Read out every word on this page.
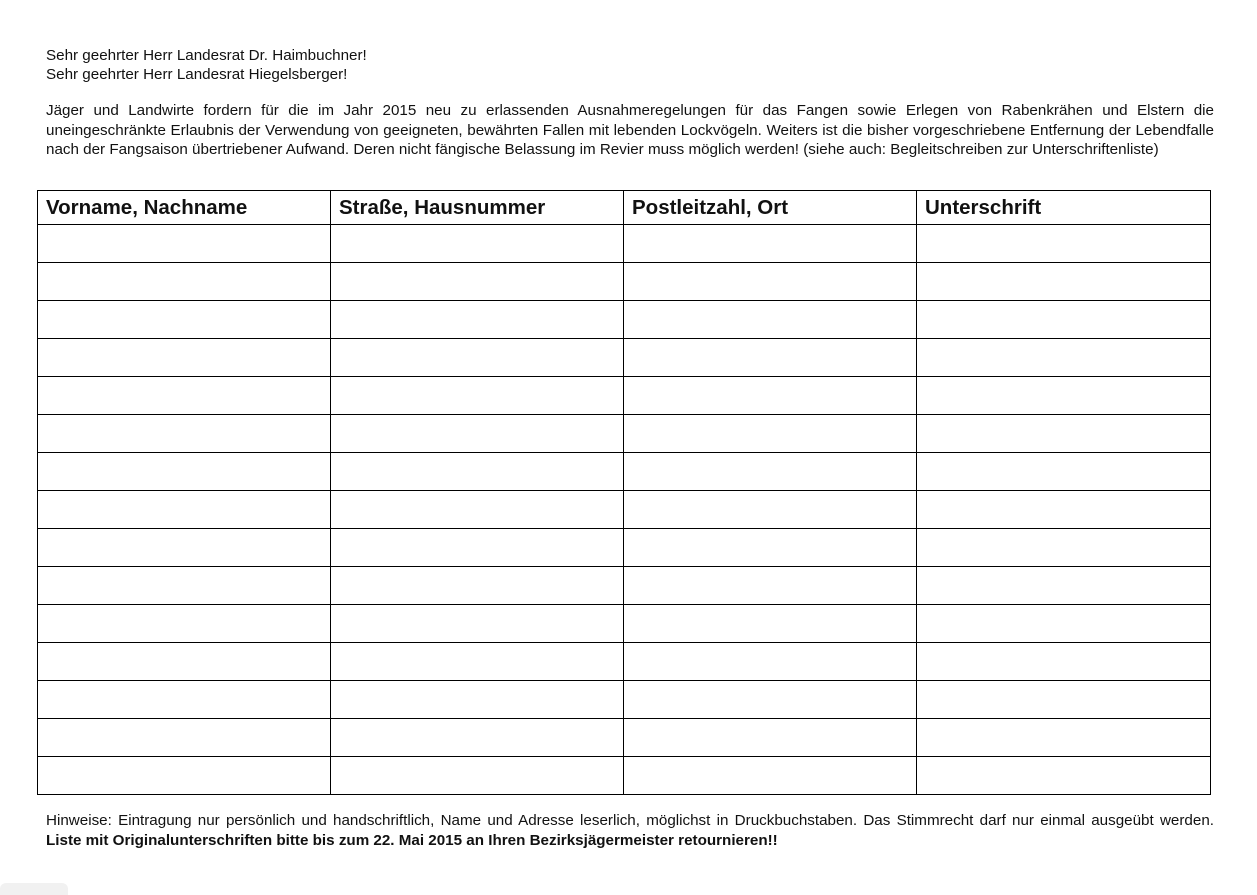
Sehr geehrter Herr Landesrat Dr. Haimbuchner!
Sehr geehrter Herr Landesrat Hiegelsberger!

Jäger und Landwirte fordern für die im Jahr 2015 neu zu erlassenden Ausnahmeregelungen für das Fangen sowie Erlegen von Rabenkrähen und Elstern die uneingeschränkte Erlaubnis der Verwendung von geeigneten, bewährten Fallen mit lebenden Lockvögeln. Weiters ist die bisher vorgeschriebene Entfernung der Lebendfalle nach der Fangsaison übertriebener Aufwand. Deren nicht fängische Belassung im Revier muss möglich werden! (siehe auch: Begleitschreiben zur Unterschriftenliste)

Vorname, Nachname	Straße, Hausnummer	Postleitzahl, Ort	Unterschrift

Hinweise: Eintragung nur persönlich und handschriftlich, Name und Adresse leserlich, möglichst in Druckbuchstaben. Das Stimmrecht darf nur einmal ausgeübt werden. Liste mit Originalunterschriften bitte bis zum 22. Mai 2015 an Ihren Bezirksjägermeister retournieren!!
